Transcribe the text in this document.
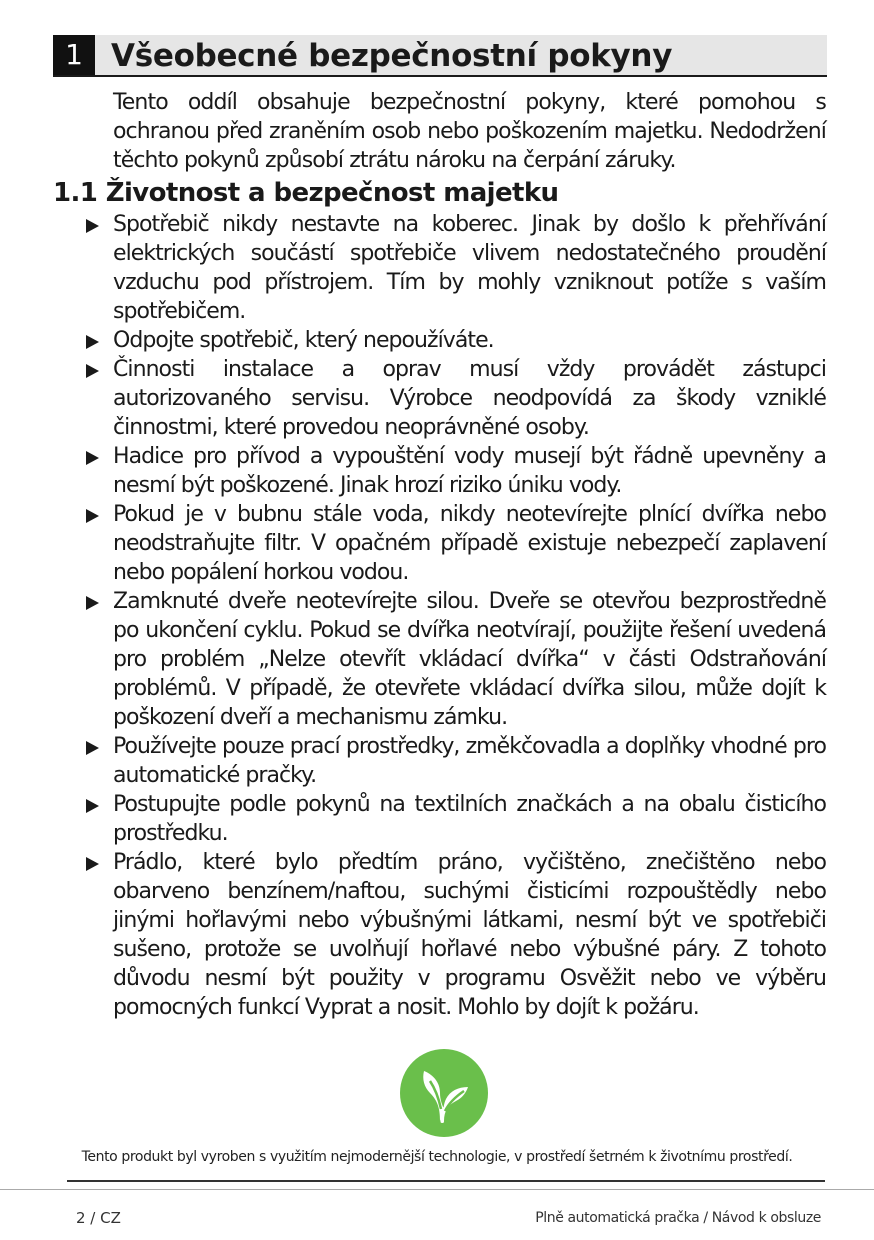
1 Všeobecné bezpečnostní pokyny

Tento oddíl obsahuje bezpečnostní pokyny, které pomohou s ochranou před zraněním osob nebo poškozením majetku. Nedodržení těchto pokynů způsobí ztrátu nároku na čerpání záruky.

1.1 Životnost a bezpečnost majetku
Spotřebič nikdy nestavte na koberec. Jinak by došlo k přehřívání elektrických součástí spotřebiče vlivem nedostatečného proudění vzduchu pod přístrojem. Tím by mohly vzniknout potíže s vaším spotřebičem.
Odpojte spotřebič, který nepoužíváte.
Činnosti instalace a oprav musí vždy provádět zástupci autorizovaného servisu. Výrobce neodpovídá za škody vzniklé činnostmi, které provedou neoprávněné osoby.
Hadice pro přívod a vypouštění vody musejí být řádně upevněny a nesmí být poškozené. Jinak hrozí riziko úniku vody.
Pokud je v bubnu stále voda, nikdy neotevírejte plnící dvířka nebo neodstraňujte filtr. V opačném případě existuje nebezpečí zaplavení nebo popálení horkou vodou.
Zamknuté dveře neotevírejte silou. Dveře se otevřou bezprostředně po ukončení cyklu. Pokud se dvířka neotvírají, použijte řešení uvedená pro problém „Nelze otevřít vkládací dvířka“ v části Odstraňování problémů. V případě, že otevřete vkládací dvířka silou, může dojít k poškození dveří a mechanismu zámku.
Používejte pouze prací prostředky, změkčovadla a doplňky vhodné pro automatické pračky.
Postupujte podle pokynů na textilních značkách a na obalu čisticího prostředku.
Prádlo, které bylo předtím práno, vyčištěno, znečištěno nebo obarveno benzínem/naftou, suchými čisticími rozpouštědly nebo jinými hořlavými nebo výbušnými látkami, nesmí být ve spotřebiči sušeno, protože se uvolňují hořlavé nebo výbušné páry. Z tohoto důvodu nesmí být použity v programu Osvěžit nebo ve výběru pomocných funkcí Vyprat a nosit. Mohlo by dojít k požáru.

Tento produkt byl vyroben s využitím nejmodernější technologie, v prostředí šetrném k životnímu prostředí.

2 / CZ	Plně automatická pračka / Návod k obsluze
